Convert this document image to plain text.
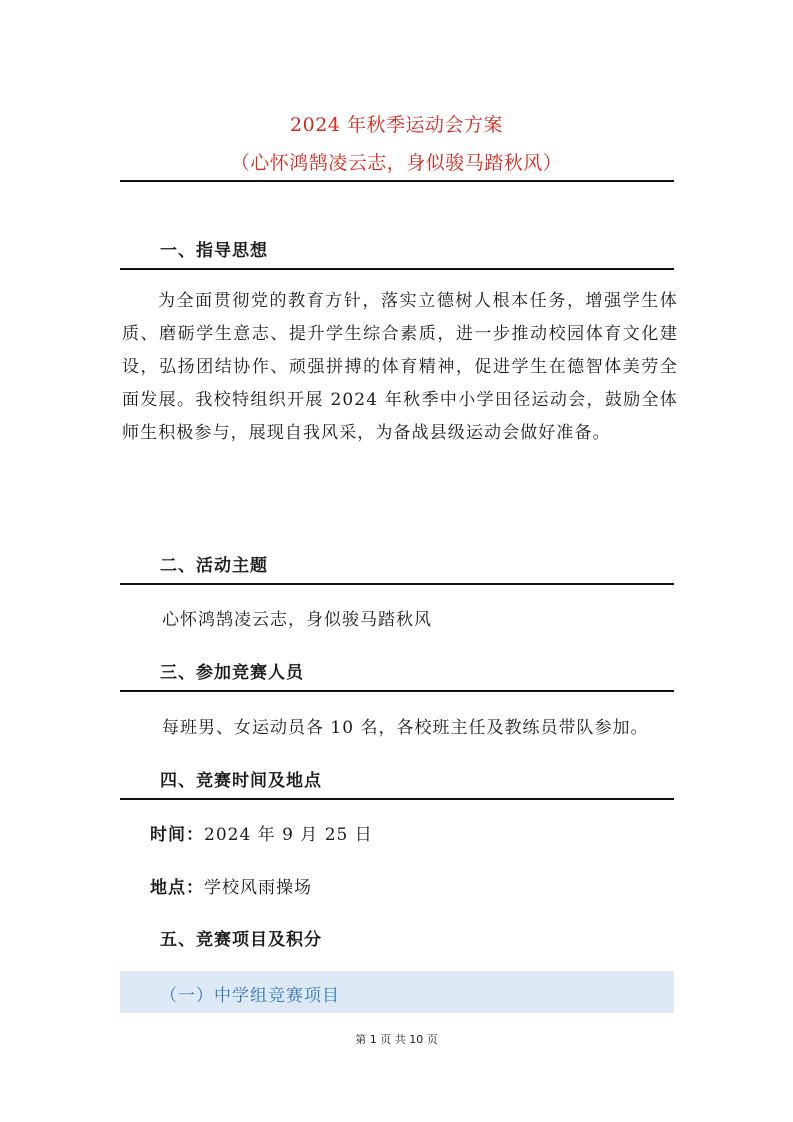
2024 年秋季运动会方案
（心怀鸿鹄凌云志，身似骏马踏秋风）
一、指导思想
为全面贯彻党的教育方针，落实立德树人根本任务，增强学生体质、磨砺学生意志、提升学生综合素质，进一步推动校园体育文化建设，弘扬团结协作、顽强拼搏的体育精神，促进学生在德智体美劳全面发展。我校特组织开展 2024 年秋季中小学田径运动会，鼓励全体师生积极参与，展现自我风采，为备战县级运动会做好准备。
二、活动主题
心怀鸿鹄凌云志，身似骏马踏秋风
三、参加竞赛人员
每班男、女运动员各 10 名，各校班主任及教练员带队参加。
四、竞赛时间及地点
时间：2024 年 9 月 25 日
地点：学校风雨操场
五、竞赛项目及积分
（一）中学组竞赛项目
第 1 页 共 10 页
